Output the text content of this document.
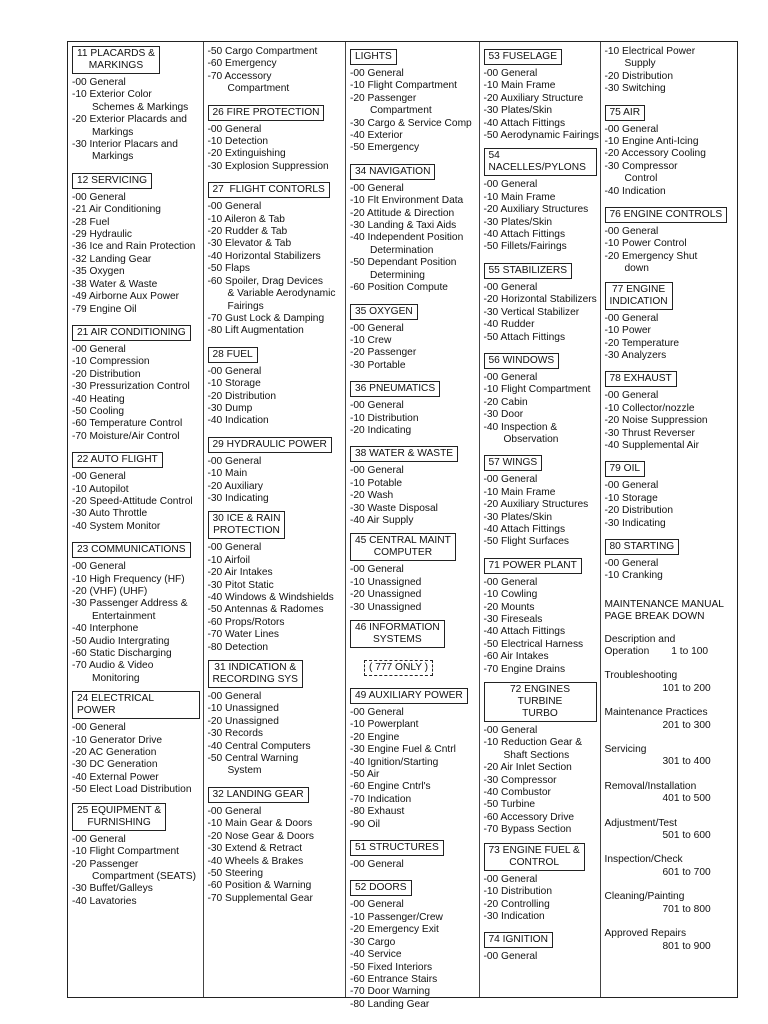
11 PLACARDS &
MARKINGS
-00 General
-10 Exterior Color
Schemes & Markings
-20 Exterior Placards and
Markings
-30 Interior Placars and
Markings
12 SERVICING
-00 General
-21 Air Conditioning
-28 Fuel
-29 Hydraulic
-36 Ice and Rain Protection
-32 Landing Gear
-35 Oxygen
-38 Water & Waste
-49 Airborne Aux Power
-79 Engine Oil
21 AIR CONDITIONING
-00 General
-10 Compression
-20 Distribution
-30 Pressurization Control
-40 Heating
-50 Cooling
-60 Temperature Control
-70 Moisture/Air Control
22 AUTO FLIGHT
-00 General
-10 Autopilot
-20 Speed-Attitude Control
-30 Auto Throttle
-40 System Monitor
23 COMMUNICATIONS
-00 General
-10 High Frequency (HF)
-20 (VHF) (UHF)
-30 Passenger Address &
Entertainment
-40 Interphone
-50 Audio Intergrating
-60 Static Discharging
-70 Audio & Video
Monitoring
24 ELECTRICAL POWER
-00 General
-10 Generator Drive
-20 AC Generation
-30 DC Generation
-40 External Power
-50 Elect Load Distribution
25 EQUIPMENT &
FURNISHING
-00 General
-10 Flight Compartment
-20 Passenger
Compartment (SEATS)
-30 Buffet/Galleys
-40 Lavatories
-50 Cargo Compartment
-60 Emergency
-70 Accessory
Compartment
26 FIRE PROTECTION
-00 General
-10 Detection
-20 Extinguishing
-30 Explosion Suppression
27  FLIGHT CONTORLS
-00 General
-10 Aileron & Tab
-20 Rudder & Tab
-30 Elevator & Tab
-40 Horizontal Stabilizers
-50 Flaps
-60 Spoiler, Drag Devices
& Variable Aerodynamic
Fairings
-70 Gust Lock & Damping
-80 Lift Augmentation
28 FUEL
-00 General
-10 Storage
-20 Distribution
-30 Dump
-40 Indication
29 HYDRAULIC POWER
-00 General
-10 Main
-20 Auxiliary
-30 Indicating
30 ICE & RAIN
PROTECTION
-00 General
-10 Airfoil
-20 Air Intakes
-30 Pitot Static
-40 Windows & Windshields
-50 Antennas & Radomes
-60 Props/Rotors
-70 Water Lines
-80 Detection
31 INDICATION &
RECORDING SYS
-00 General
-10 Unassigned
-20 Unassigned
-30 Records
-40 Central Computers
-50 Central Warning
System
32 LANDING GEAR
-00 General
-10 Main Gear & Doors
-20 Nose Gear & Doors
-30 Extend & Retract
-40 Wheels & Brakes
-50 Steering
-60 Position & Warning
-70 Supplemental Gear
LIGHTS
-00 General
-10 Flight Compartment
-20 Passenger
Compartment
-30 Cargo & Service Comp
-40 Exterior
-50 Emergency
34 NAVIGATION
-00 General
-10 Flt Environment Data
-20 Attitude & Direction
-30 Landing & Taxi Aids
-40 Independent Position
Determination
-50 Dependant Position
Determining
-60 Position Compute
35 OXYGEN
-00 General
-10 Crew
-20 Passenger
-30 Portable
36 PNEUMATICS
-00 General
-10 Distribution
-20 Indicating
38 WATER & WASTE
-00 General
-10 Potable
-20 Wash
-30 Waste Disposal
-40 Air Supply
45 CENTRAL MAINT
COMPUTER
-00 General
-10 Unassigned
-20 Unassigned
-30 Unassigned
46 INFORMATION
SYSTEMS
( 777 ONLY )
49 AUXILIARY POWER
-00 General
-10 Powerplant
-20 Engine
-30 Engine Fuel & Cntrl
-40 Ignition/Starting
-50 Air
-60 Engine Cntrl's
-70 Indication
-80 Exhaust
-90 Oil
51 STRUCTURES
-00 General
52 DOORS
-00 General
-10 Passenger/Crew
-20 Emergency Exit
-30 Cargo
-40 Service
-50 Fixed Interiors
-60 Entrance Stairs
-70 Door Warning
-80 Landing Gear
53 FUSELAGE
-00 General
-10 Main Frame
-20 Auxiliary Structure
-30 Plates/Skin
-40 Attach Fittings
-50 Aerodynamic Fairings
54 NACELLES/PYLONS
-00 General
-10 Main Frame
-20 Auxiliary Structures
-30 Plates/Skin
-40 Attach Fittings
-50 Fillets/Fairings
55 STABILIZERS
-00 General
-20 Horizontal Stabilizers
-30 Vertical Stabilizer
-40 Rudder
-50 Attach Fittings
56 WINDOWS
-00 General
-10 Flight Compartment
-20 Cabin
-30 Door
-40 Inspection &
Observation
57 WINGS
-00 General
-10 Main Frame
-20 Auxiliary Structures
-30 Plates/Skin
-40 Attach Fittings
-50 Flight Surfaces
71 POWER PLANT
-00 General
-10 Cowling
-20 Mounts
-30 Fireseals
-40 Attach Fittings
-50 Electrical Harness
-60 Air Intakes
-70 Engine Drains
72 ENGINES TURBINE
TURBO
-00 General
-10 Reduction Gear &
Shaft Sections
-20 Air Inlet Section
-30 Compressor
-40 Combustor
-50 Turbine
-60 Accessory Drive
-70 Bypass Section
73 ENGINE FUEL &
CONTROL
-00 General
-10 Distribution
-20 Controlling
-30 Indication
74 IGNITION
-00 General
-10 Electrical Power
Supply
-20 Distribution
-30 Switching
75 AIR
-00 General
-10 Engine Anti-Icing
-20 Accessory Cooling
-30 Compressor
Control
-40 Indication
76 ENGINE CONTROLS
-00 General
-10 Power Control
-20 Emergency Shut
down
77 ENGINE
INDICATION
-00 General
-10 Power
-20 Temperature
-30 Analyzers
78 EXHAUST
-00 General
-10 Collector/nozzle
-20 Noise Suppression
-30 Thrust Reverser
-40 Supplemental Air
79 OIL
-00 General
-10 Storage
-20 Distribution
-30 Indicating
80 STARTING
-00 General
-10 Cranking
MAINTENANCE MANUAL
PAGE BREAK DOWN
Description and
Operation 1 to 100
Troubleshooting
101 to 200
Maintenance Practices
201 to 300
Servicing
301 to 400
Removal/Installation
401 to 500
Adjustment/Test
501 to 600
Inspection/Check
601 to 700
Cleaning/Painting
701 to 800
Approved Repairs
801 to 900
